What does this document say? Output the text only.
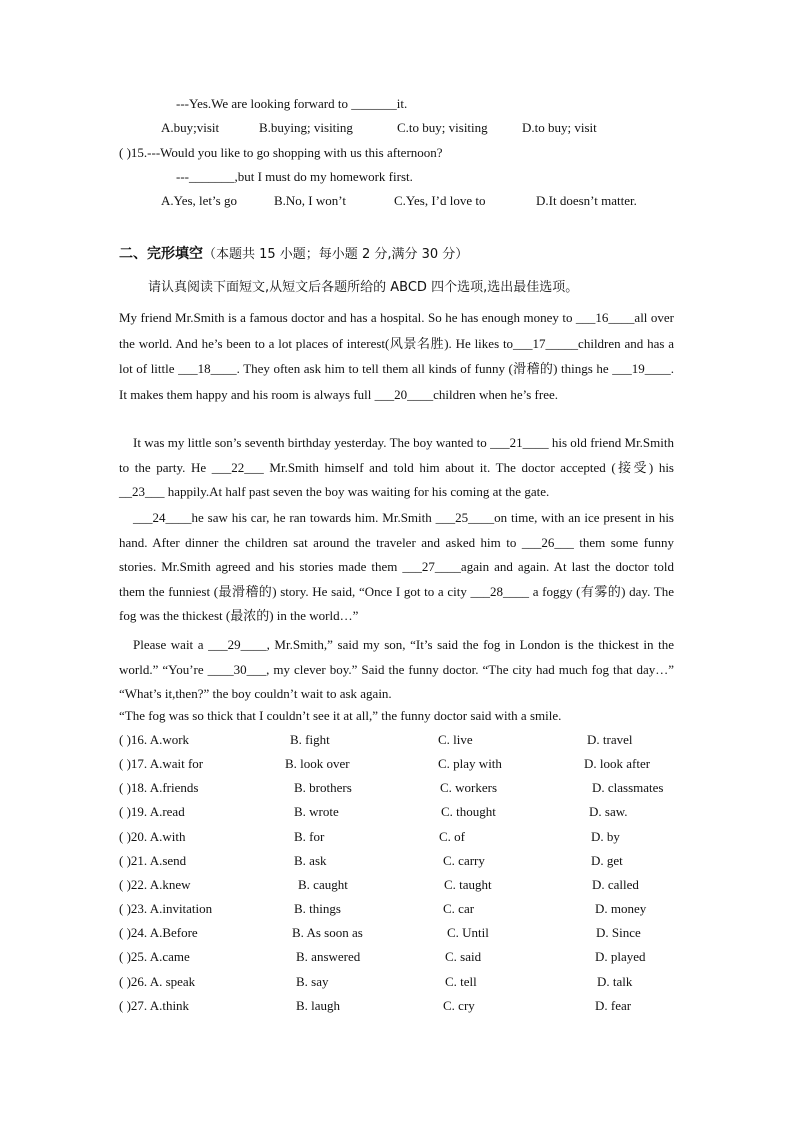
---Yes.We are looking forward to _______it.
A.buy;visit	B.buying; visiting	C.to buy; visiting	D.to buy; visit
( )15.---Would you like to go shopping with us this afternoon?
---_______,but I must do my homework first.
A.Yes, let’s go	B.No, I won’t	C.Yes, I’d love to	D.It doesn’t matter.
二、完形填空（本题共 15 小题；每小题 2 分,满分 30 分）
请认真阅读下面短文,从短文后各题所给的 ABCD 四个选项,选出最佳选项。
My friend Mr.Smith is a famous doctor and has a hospital. So he has enough money to ___16____all over the world. And he’s been to a lot places of interest(风景名胜). He likes to___17_____children and has a lot of little ___18____. They often ask him to tell them all kinds of funny (滑稽的) things he ___19____. It makes them happy and his room is always full ___20____children when he’s free.
It was my little son’s seventh birthday yesterday. The boy wanted to ___21____ his old friend Mr.Smith to the party. He ___22___ Mr.Smith himself and told him about it. The doctor accepted (接受) his __23___ happily.At half past seven the boy was waiting for his coming at the gate.
___24____he saw his car, he ran towards him. Mr.Smith ___25____on time, with an ice present in his hand. After dinner the children sat around the traveler and asked him to ___26___ them some funny stories. Mr.Smith agreed and his stories made them ___27____again and again. At last the doctor told them the funniest (最滑稽的) story. He said, “Once I got to a city ___28____ a foggy (有雾的) day. The fog was the thickest (最浓的) in the world…”
Please wait a ___29____, Mr.Smith,” said my son, “It’s said the fog in London is the thickest in the world.” “You’re ____30___, my clever boy.” Said the funny doctor. “The city had much fog that day…” “What’s it,then?” the boy couldn’t wait to ask again.
“The fog was so thick that I couldn’t see it at all,” the funny doctor said with a smile.
( )16. A.work	B. fight	C. live	D. travel
( )17. A.wait for	B. look over	C. play with	D. look after
( )18. A.friends	B. brothers	C. workers	D. classmates
( )19. A.read	B. wrote	C. thought	D. saw.
( )20. A.with	B. for	C. of	D. by
( )21. A.send	B. ask	C. carry	D. get
( )22. A.knew	B. caught	C. taught	D. called
( )23. A.invitation	B. things	C. car	D. money
( )24. A.Before	B. As soon as	C. Until	D. Since
( )25. A.came	B. answered	C. said	D. played
( )26. A. speak	B. say	C. tell	D. talk
( )27. A.think	B. laugh	C. cry	D. fear
